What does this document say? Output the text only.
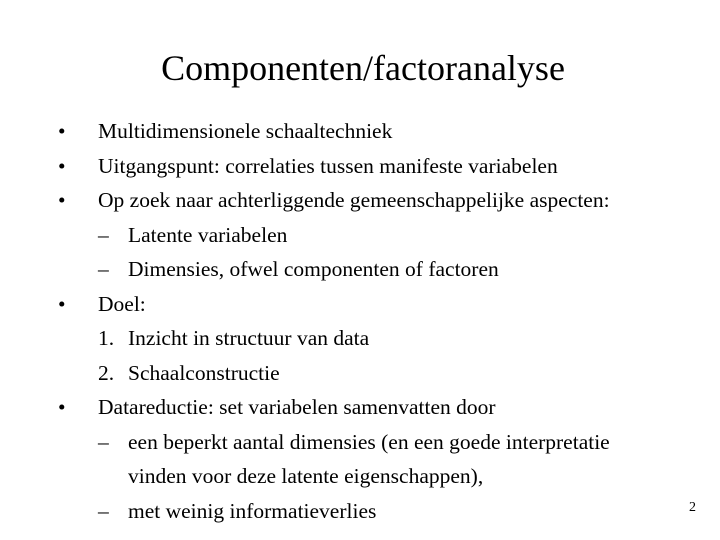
Componenten/factoranalyse
• Multidimensionele schaaltechniek
• Uitgangspunt: correlaties tussen manifeste variabelen
• Op zoek naar achterliggende gemeenschappelijke aspecten:
– Latente variabelen
– Dimensies, ofwel componenten of factoren
• Doel:
1. Inzicht in structuur van data
2. Schaalconstructie
• Datareductie: set variabelen samenvatten door
– een beperkt aantal dimensies (en een goede interpretatie
vinden voor deze latente eigenschappen),
– met weinig informatieverlies	2
